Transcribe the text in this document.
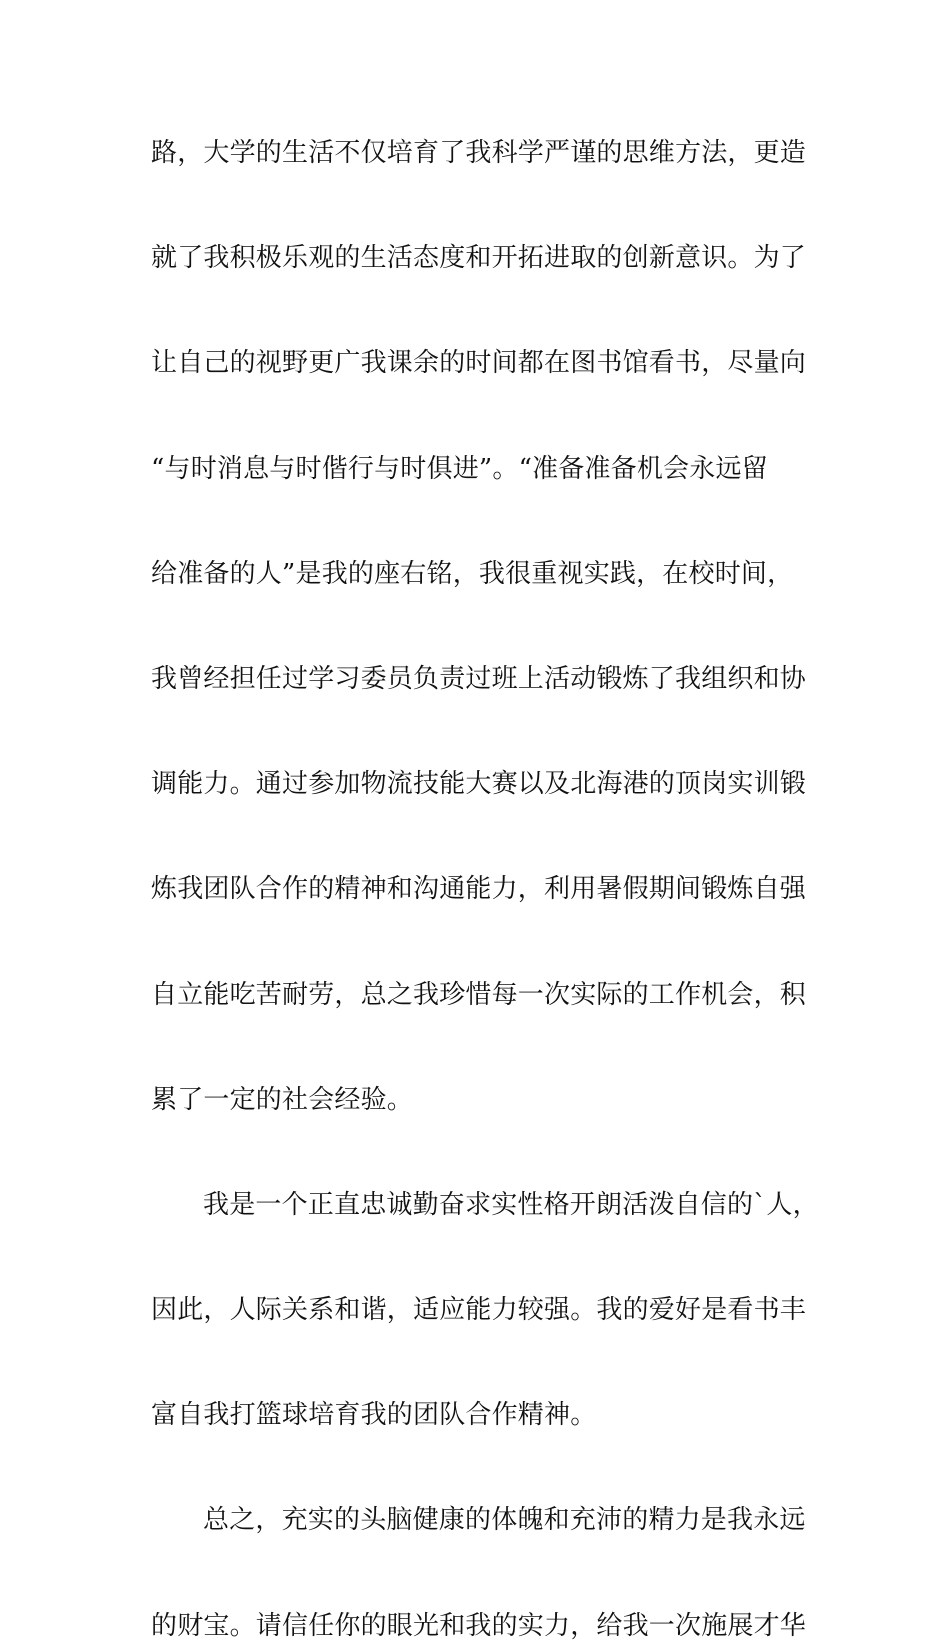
路，大学的生活不仅培育了我科学严谨的思维方法，更造
就了我积极乐观的生活态度和开拓进取的创新意识。为了
让自己的视野更广我课余的时间都在图书馆看书，尽量向
“与时消息与时偕行与时俱进”。“准备准备机会永远留
给准备的人”是我的座右铭，我很重视实践，在校时间，
我曾经担任过学习委员负责过班上活动锻炼了我组织和协
调能力。通过参加物流技能大赛以及北海港的顶岗实训锻
炼我团队合作的精神和沟通能力，利用暑假期间锻炼自强
自立能吃苦耐劳，总之我珍惜每一次实际的工作机会，积
累了一定的社会经验。
我是一个正直忠诚勤奋求实性格开朗活泼自信的`人，
因此，人际关系和谐，适应能力较强。我的爱好是看书丰
富自我打篮球培育我的团队合作精神。
总之，充实的头脑健康的体魄和充沛的精力是我永远
的财宝。请信任你的眼光和我的实力，给我一次施展才华
